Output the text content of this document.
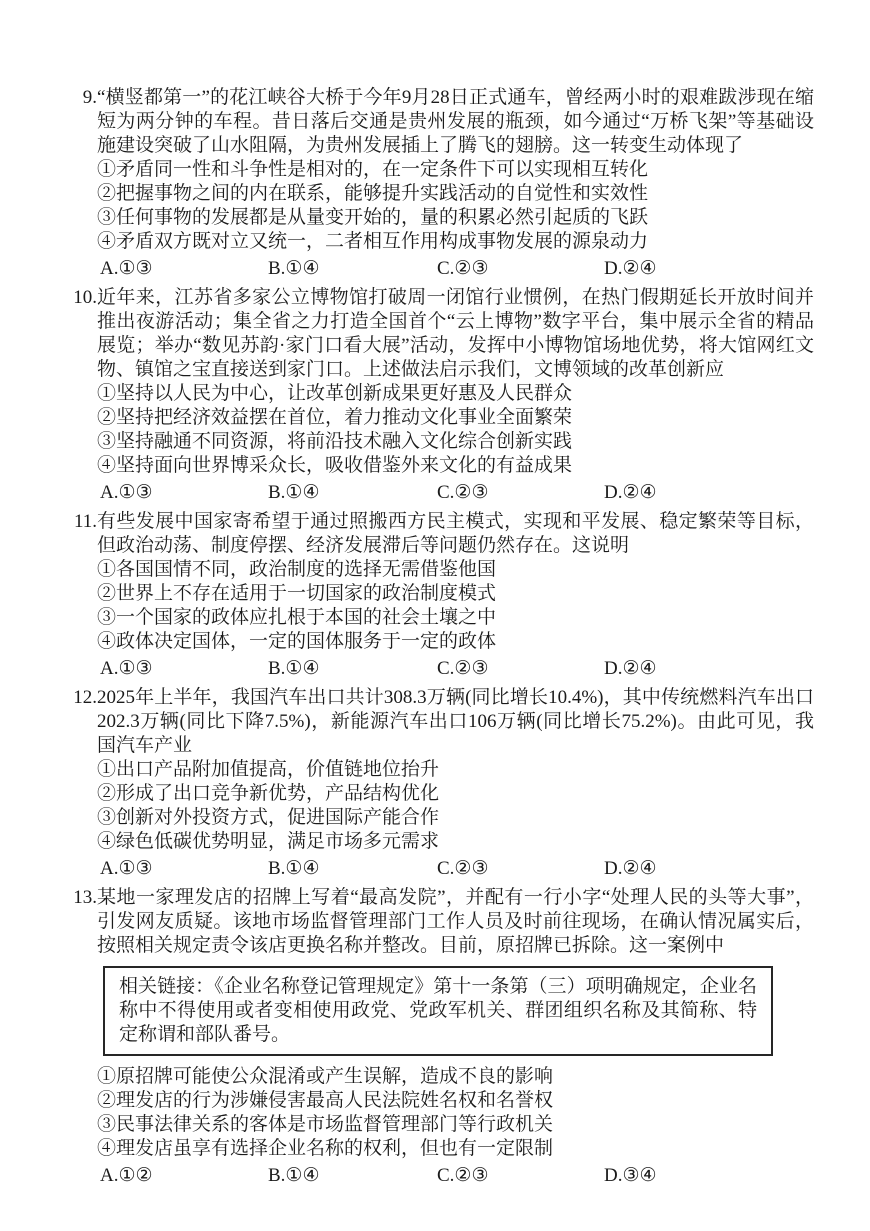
9. “横竖都第一”的花江峡谷大桥于今年9月28日正式通车，曾经两小时的艰难跋涉现在缩短为两分钟的车程。昔日落后交通是贵州发展的瓶颈，如今通过“万桥飞架”等基础设施建设突破了山水阻隔，为贵州发展插上了腾飞的翅膀。这一转变生动体现了

①矛盾同一性和斗争性是相对的，在一定条件下可以实现相互转化

②把握事物之间的内在联系，能够提升实践活动的自觉性和实效性

③任何事物的发展都是从量变开始的，量的积累必然引起质的飞跃

④矛盾双方既对立又统一，二者相互作用构成事物发展的源泉动力

A.①③	B.①④	C.②③	D.②④
10. 近年来，江苏省多家公立博物馆打破周一闭馆行业惯例，在热门假期延长开放时间并推出夜游活动；集全省之力打造全国首个“云上博物”数字平台，集中展示全省的精品展览；举办“数见苏韵·家门口看大展”活动，发挥中小博物馆场地优势，将大馆网红文物、镇馆之宝直接送到家门口。上述做法启示我们，文博领域的改革创新应

①坚持以人民为中心，让改革创新成果更好惠及人民群众

②坚持把经济效益摆在首位，着力推动文化事业全面繁荣

③坚持融通不同资源，将前沿技术融入文化综合创新实践

④坚持面向世界博采众长，吸收借鉴外来文化的有益成果

A.①③	B.①④	C.②③	D.②④
11. 有些发展中国家寄希望于通过照搬西方民主模式，实现和平发展、稳定繁荣等目标，但政治动荡、制度停摆、经济发展滞后等问题仍然存在。这说明

①各国国情不同，政治制度的选择无需借鉴他国

②世界上不存在适用于一切国家的政治制度模式

③一个国家的政体应扎根于本国的社会土壤之中

④政体决定国体，一定的国体服务于一定的政体

A.①③	B.①④	C.②③	D.②④
12. 2025年上半年，我国汽车出口共计308.3万辆(同比增长10.4%)，其中传统燃料汽车出口202.3万辆(同比下降7.5%)，新能源汽车出口106万辆(同比增长75.2%)。由此可见，我国汽车产业

①出口产品附加值提高，价值链地位抬升

②形成了出口竞争新优势，产品结构优化

③创新对外投资方式，促进国际产能合作

④绿色低碳优势明显，满足市场多元需求

A.①③	B.①④	C.②③	D.②④
13. 某地一家理发店的招牌上写着“最高发院”，并配有一行小字“处理人民的头等大事”，引发网友质疑。该地市场监督管理部门工作人员及时前往现场，在确认情况属实后，按照相关规定责令该店更换名称并整改。目前，原招牌已拆除。这一案例中

相关链接：《企业名称登记管理规定》第十一条第（三）项明确规定，企业名称中不得使用或者变相使用政党、党政军机关、群团组织名称及其简称、特定称谓和部队番号。

①原招牌可能使公众混淆或产生误解，造成不良的影响

②理发店的行为涉嫌侵害最高人民法院姓名权和名誉权

③民事法律关系的客体是市场监督管理部门等行政机关

④理发店虽享有选择企业名称的权利，但也有一定限制

A.①②	B.①④	C.②③	D.③④
